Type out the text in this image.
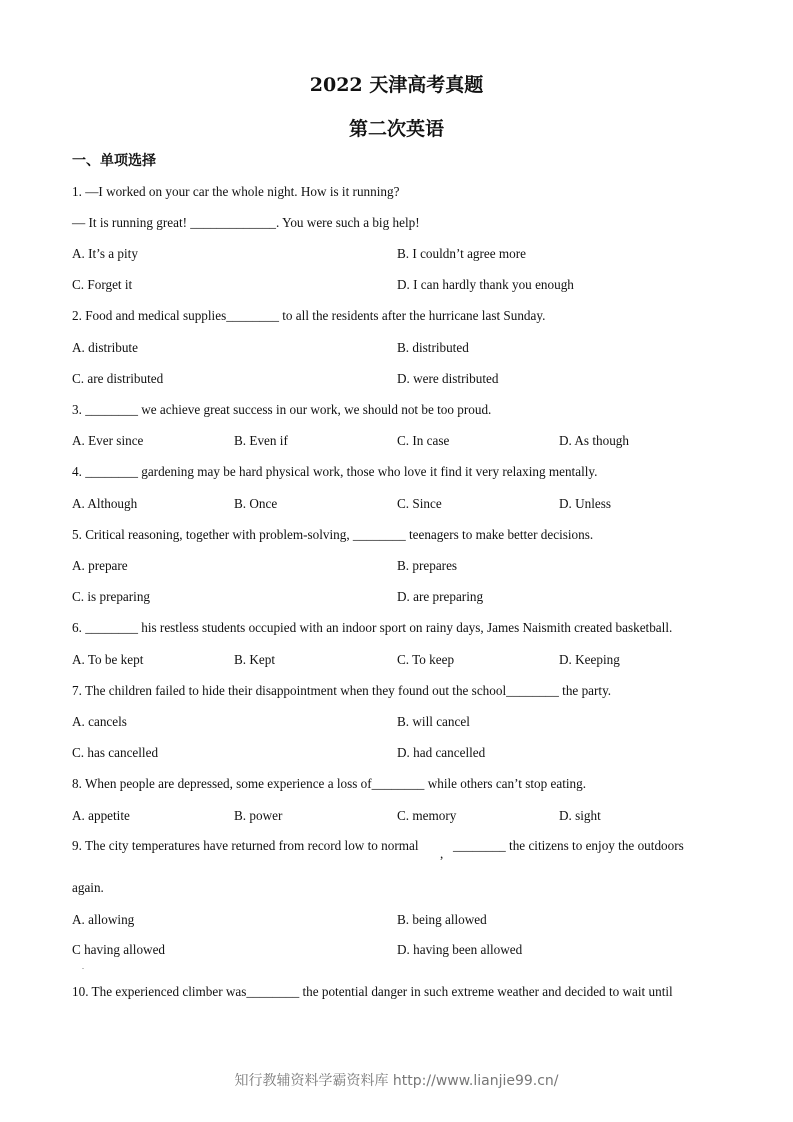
2022 天津高考真题
第二次英语
一、单项选择
1. —I worked on your car the whole night. How is it running?
— It is running great! _____________. You were such a big help!
A. It’s a pity	B. I couldn’t agree more
C. Forget it	D. I can hardly thank you enough
2. Food and medical supplies________ to all the residents after the hurricane last Sunday.
A. distribute	B. distributed
C. are distributed	D. were distributed
3. ________ we achieve great success in our work, we should not be too proud.
A. Ever since	B. Even if	C. In case	D. As though
4. ________ gardening may be hard physical work, those who love it find it very relaxing mentally.
A. Although	B. Once	C. Since	D. Unless
5. Critical reasoning, together with problem-solving, ________ teenagers to make better decisions.
A. prepare	B. prepares
C. is preparing	D. are preparing
6. ________ his restless students occupied with an indoor sport on rainy days, James Naismith created basketball.
A. To be kept	B. Kept	C. To keep	D. Keeping
7. The children failed to hide their disappointment when they found out the school________ the party.
A. cancels	B. will cancel
C. has cancelled	D. had cancelled
8. When people are depressed, some experience a loss of________ while others can’t stop eating.
A. appetite	B. power	C. memory	D. sight
9. The city temperatures have returned from record low to normal
,
________ the citizens to enjoy the outdoors
again.
A. allowing	B. being allowed
C having allowed	D. having been allowed
.
10. The experienced climber was________ the potential danger in such extreme weather and decided to wait until
知行教辅资料学霸资料库 http://www.lianjie99.cn/
